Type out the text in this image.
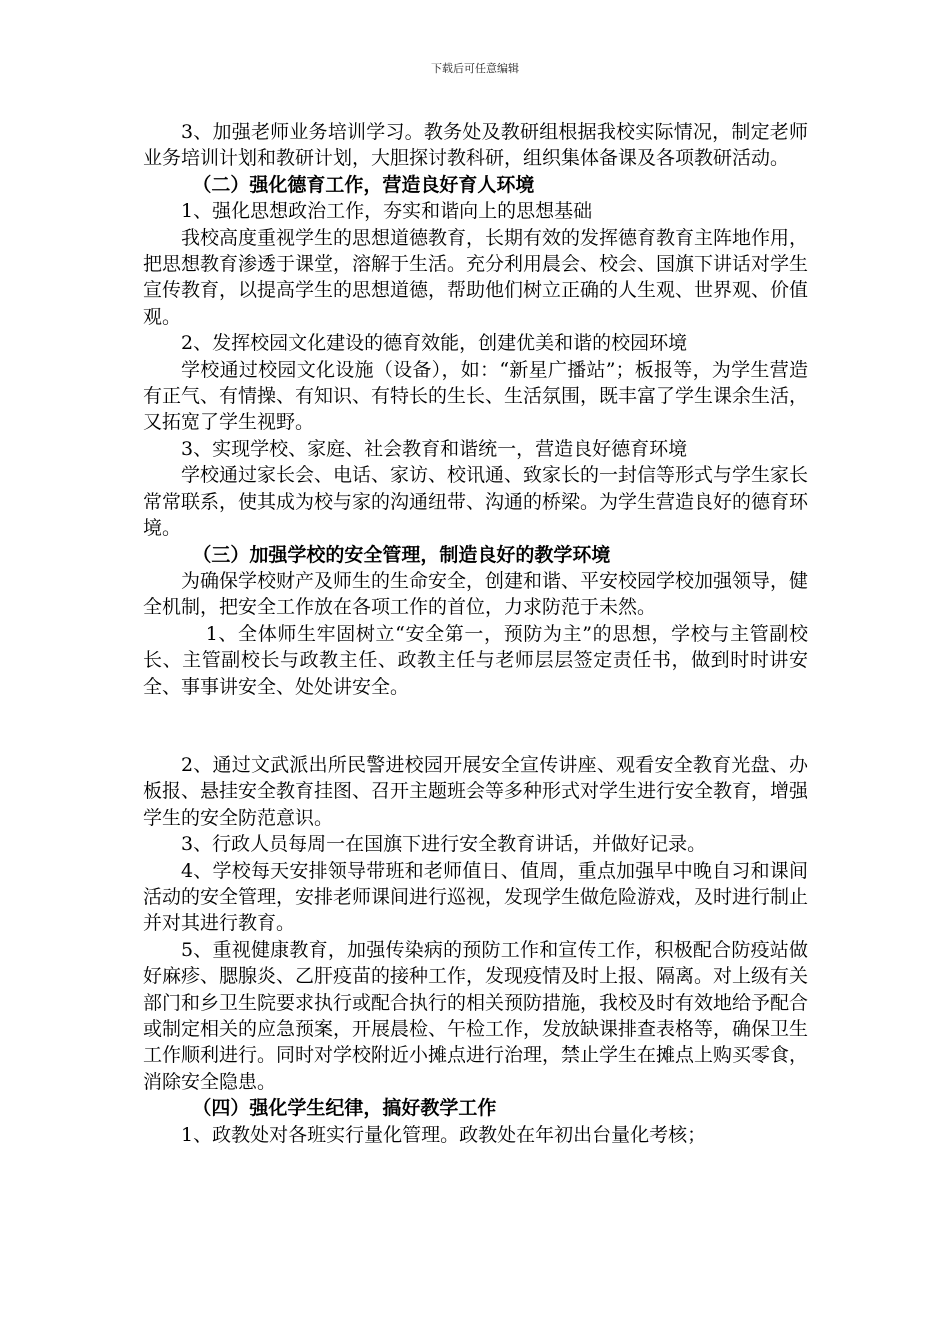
下载后可任意编辑

3、加强老师业务培训学习。教务处及教研组根据我校实际情况，制定老师业务培训计划和教研计划，大胆探讨教科研，组织集体备课及各项教研活动。

（二）强化德育工作，营造良好育人环境

1、强化思想政治工作，夯实和谐向上的思想基础

我校高度重视学生的思想道德教育，长期有效的发挥德育教育主阵地作用，把思想教育渗透于课堂，溶解于生活。充分利用晨会、校会、国旗下讲话对学生宣传教育，以提高学生的思想道德，帮助他们树立正确的人生观、世界观、价值观。

2、发挥校园文化建设的德育效能，创建优美和谐的校园环境

学校通过校园文化设施（设备），如：“新星广播站”；板报等，为学生营造有正气、有情操、有知识、有特长的生长、生活氛围，既丰富了学生课余生活，又拓宽了学生视野。

3、实现学校、家庭、社会教育和谐统一，营造良好德育环境

学校通过家长会、电话、家访、校讯通、致家长的一封信等形式与学生家长常常联系，使其成为校与家的沟通纽带、沟通的桥梁。为学生营造良好的德育环境。

（三）加强学校的安全管理，制造良好的教学环境

为确保学校财产及师生的生命安全，创建和谐、平安校园学校加强领导，健全机制，把安全工作放在各项工作的首位，力求防范于未然。

1、全体师生牢固树立“安全第一，预防为主”的思想，学校与主管副校长、主管副校长与政教主任、政教主任与老师层层签定责任书，做到时时讲安全、事事讲安全、处处讲安全。

2、通过文武派出所民警进校园开展安全宣传讲座、观看安全教育光盘、办板报、悬挂安全教育挂图、召开主题班会等多种形式对学生进行安全教育，增强学生的安全防范意识。

3、行政人员每周一在国旗下进行安全教育讲话，并做好记录。

4、学校每天安排领导带班和老师值日、值周，重点加强早中晚自习和课间活动的安全管理，安排老师课间进行巡视，发现学生做危险游戏，及时进行制止并对其进行教育。

5、重视健康教育，加强传染病的预防工作和宣传工作，积极配合防疫站做好麻疹、腮腺炎、乙肝疫苗的接种工作，发现疫情及时上报、隔离。对上级有关部门和乡卫生院要求执行或配合执行的相关预防措施，我校及时有效地给予配合或制定相关的应急预案，开展晨检、午检工作，发放缺课排查表格等，确保卫生工作顺利进行。同时对学校附近小摊点进行治理，禁止学生在摊点上购买零食，消除安全隐患。

（四）强化学生纪律，搞好教学工作

1、政教处对各班实行量化管理。政教处在年初出台量化考核；
